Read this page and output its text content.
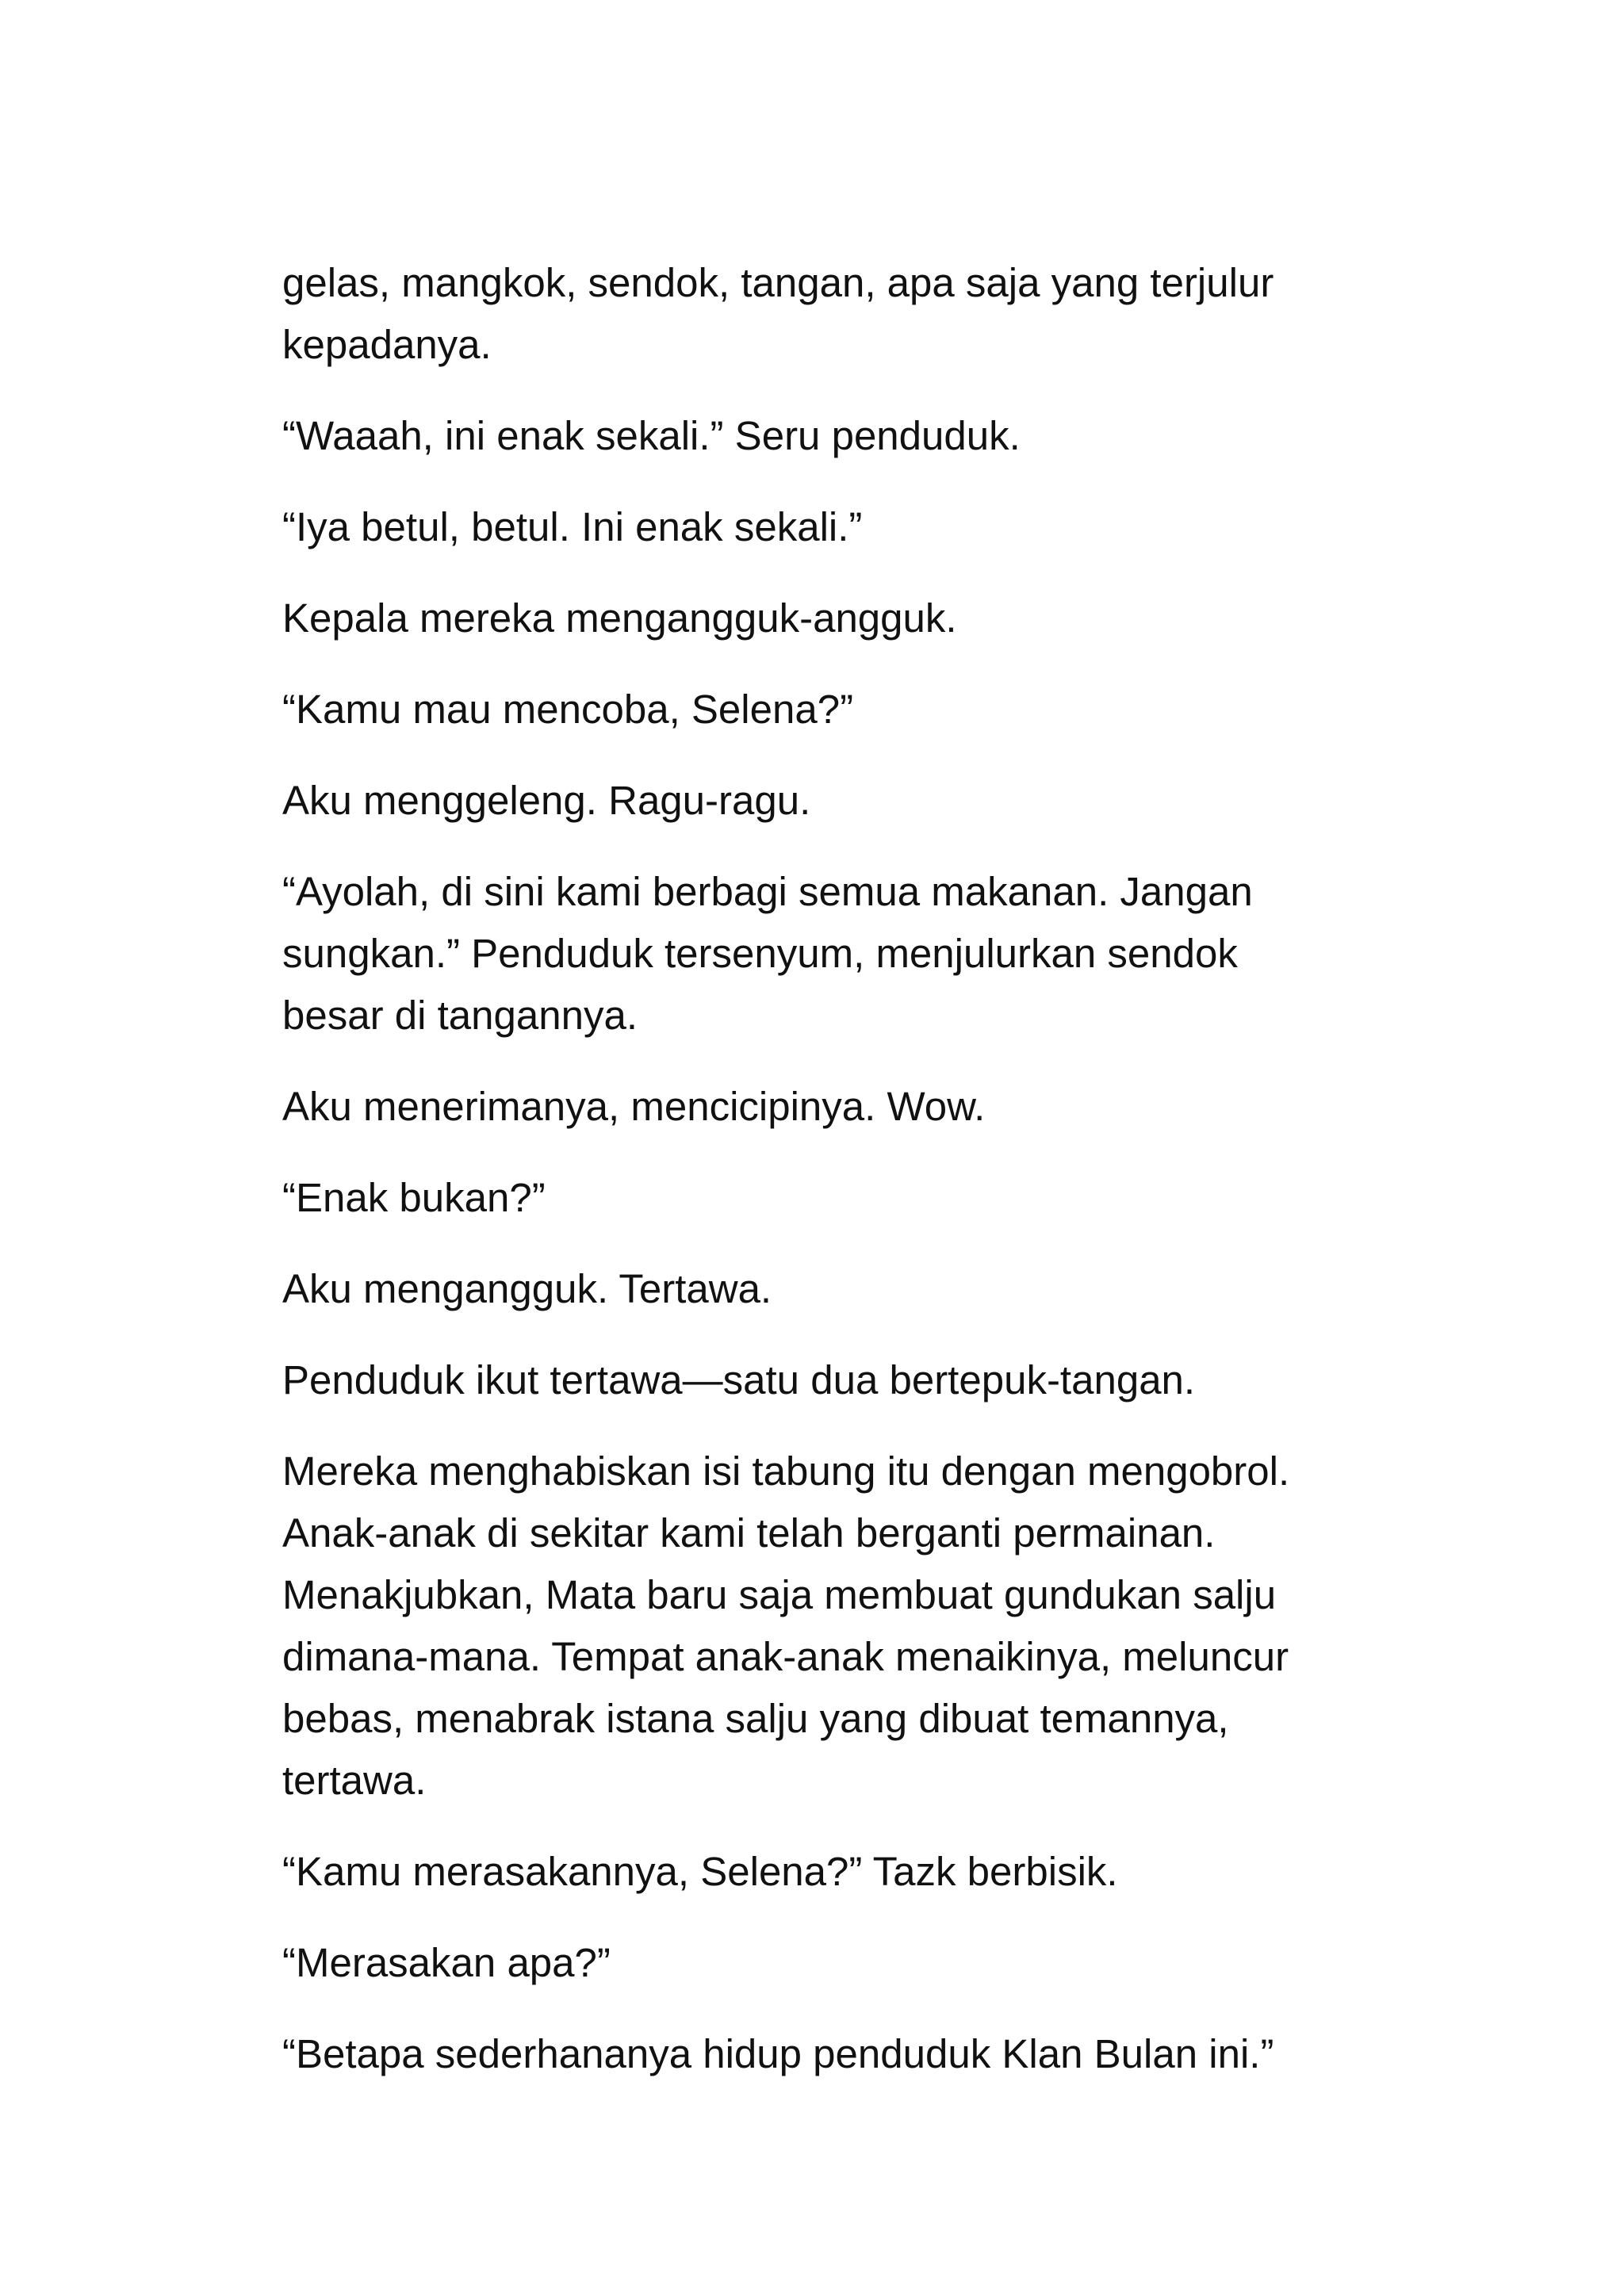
gelas, mangkok, sendok, tangan, apa saja yang terjulur
kepadanya.

“Waaah, ini enak sekali.” Seru penduduk.

“Iya betul, betul. Ini enak sekali.”

Kepala mereka mengangguk-angguk.

“Kamu mau mencoba, Selena?”

Aku menggeleng. Ragu-ragu.

“Ayolah, di sini kami berbagi semua makanan. Jangan
sungkan.” Penduduk tersenyum, menjulurkan sendok
besar di tangannya.

Aku menerimanya, mencicipinya. Wow.

“Enak bukan?”

Aku mengangguk. Tertawa.

Penduduk ikut tertawa—satu dua bertepuk-tangan.

Mereka menghabiskan isi tabung itu dengan mengobrol.
Anak-anak di sekitar kami telah berganti permainan.
Menakjubkan, Mata baru saja membuat gundukan salju
dimana-mana. Tempat anak-anak menaikinya, meluncur
bebas, menabrak istana salju yang dibuat temannya,
tertawa.

“Kamu merasakannya, Selena?” Tazk berbisik.

“Merasakan apa?”

“Betapa sederhananya hidup penduduk Klan Bulan ini.”
